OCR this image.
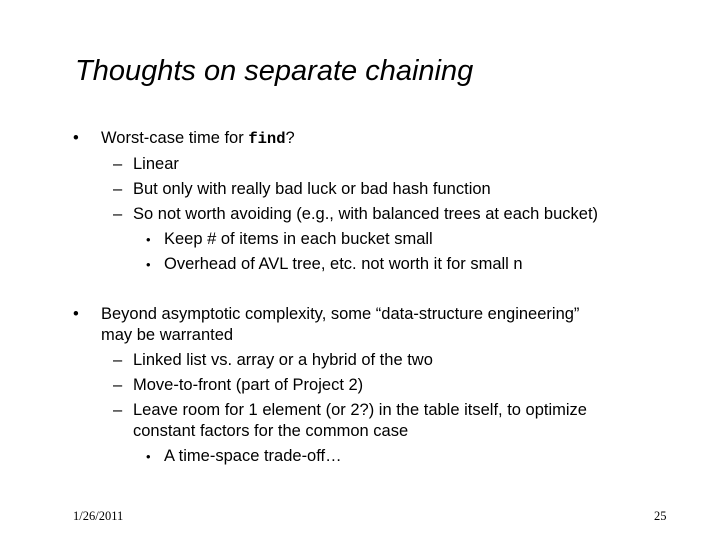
Thoughts on separate chaining
• Worst-case time for find?
– Linear
– But only with really bad luck or bad hash function
– So not worth avoiding (e.g., with balanced trees at each bucket)
• Keep # of items in each bucket small
• Overhead of AVL tree, etc. not worth it for small n
• Beyond asymptotic complexity, some “data-structure engineering”
may be warranted
– Linked list vs. array or a hybrid of the two
– Move-to-front (part of Project 2)
– Leave room for 1 element (or 2?) in the table itself, to optimize
constant factors for the common case
• A time-space trade-off…
1/26/2011	25
